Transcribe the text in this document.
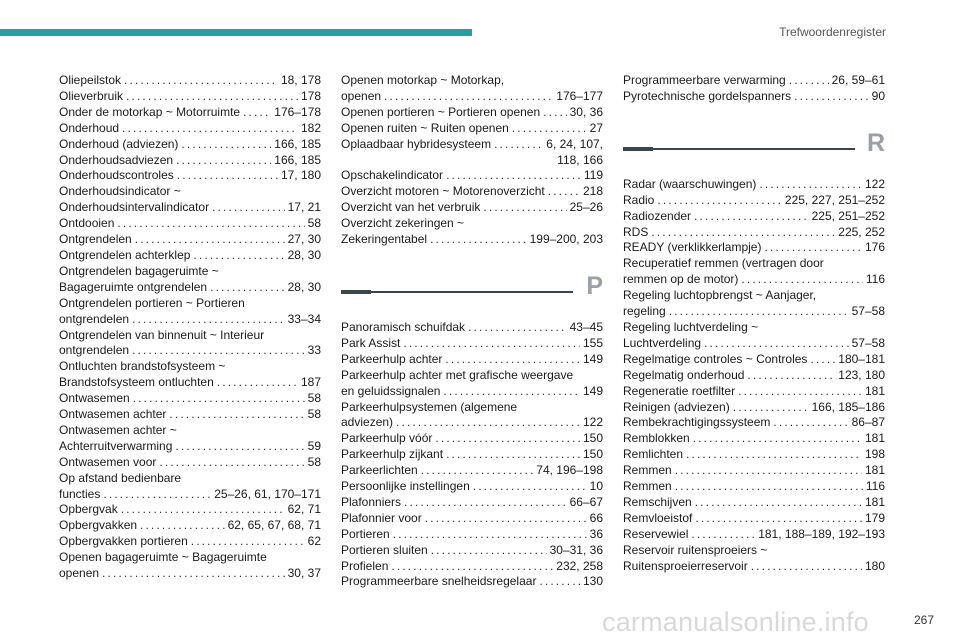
Trefwoordenregister
Oliepeilstok . . .	18, 178
Olieverbruik . . .	178
Onder de motorkap ~ Motorruimte . . .	176–178
Onderhoud . . .	182
Onderhoud (adviezen) . . .	166, 185
Onderhoudsadviezen . . .	166, 185
Onderhoudscontroles . . .	17, 180
Onderhoudsindicator ~
Onderhoudsintervalindicator . . .	17, 21
Ontdooien . . .	58
Ontgrendelen . . .	27, 30
Ontgrendelen achterklep . . .	28, 30
Ontgrendelen bagageruimte ~
Bagageruimte ontgrendelen . . .	28, 30
Ontgrendelen portieren ~ Portieren
ontgrendelen . . .	33–34
Ontgrendelen van binnenuit ~ Interieur
ontgrendelen . . .	33
Ontluchten brandstofsysteem ~
Brandstofsysteem ontluchten . . .	187
Ontwasemen . . .	58
Ontwasemen achter . . .	58
Ontwasemen achter ~
Achterruitverwarming . . .	59
Ontwasemen voor . . .	58
Op afstand bedienbare
functies . . .	25–26, 61, 170–171
Opbergvak . . .	62, 71
Opbergvakken . . .	62, 65, 67, 68, 71
Opbergvakken portieren . . .	62
Openen bagageruimte ~ Bagageruimte
openen . . .	30, 37
Openen motorkap ~ Motorkap,
openen . . .	176–177
Openen portieren ~ Portieren openen . . . 30, 36
Openen ruiten ~ Ruiten openen . . .	27
Oplaadbaar hybridesysteem . . .	6, 24, 107,
118, 166
Opschakelindicator . . .	119
Overzicht motoren ~ Motorenoverzicht . . .	218
Overzicht van het verbruik . . .	25–26
Overzicht zekeringen ~
Zekeringentabel . . .	199–200, 203
P
Panoramisch schuifdak . . .	43–45
Park Assist . . .	155
Parkeerhulp achter . . .	149
Parkeerhulp achter met grafische weergave
en geluidssignalen . . .	149
Parkeerhulpsystemen (algemene
adviezen) . . .	122
Parkeerhulp vóór . . .	150
Parkeerhulp zijkant . . .	150
Parkeerlichten . . .	74, 196–198
Persoonlijke instellingen . . .	10
Plafonniers . . .	66–67
Plafonnier voor . . .	66
Portieren . . .	36
Portieren sluiten . . .	30–31, 36
Profielen . . .	232, 258
Programmeerbare snelheidsregelaar . . .	130
Programmeerbare verwarming . . .	26, 59–61
Pyrotechnische gordelspanners . . .	90
R
Radar (waarschuwingen) . . .	122
Radio . . .	225, 227, 251–252
Radiozender . . .	225, 251–252
RDS . . .	225, 252
READY (verklikkerlampje) . . .	176
Recuperatief remmen (vertragen door
remmen op de motor) . . .	116
Regeling luchtopbrengst ~ Aanjager,
regeling . . .	57–58
Regeling luchtverdeling ~
Luchtverdeling . . .	57–58
Regelmatige controles ~ Controles . . .	180–181
Regelmatig onderhoud . . .	123, 180
Regeneratie roetfilter . . .	181
Reinigen (adviezen) . . .	166, 185–186
Rembekrachtigingssysteem . . .	86–87
Remblokken . . .	181
Remlichten . . .	198
Remmen . . .	181
Remmen . . .	116
Remschijven . . .	181
Remvloeistof . . .	179
Reservewiel . . .	181, 188–189, 192–193
Reservoir ruitensproeiers ~
Ruitensproeierreservoir . . .	180
carmanualsonline.info	267
